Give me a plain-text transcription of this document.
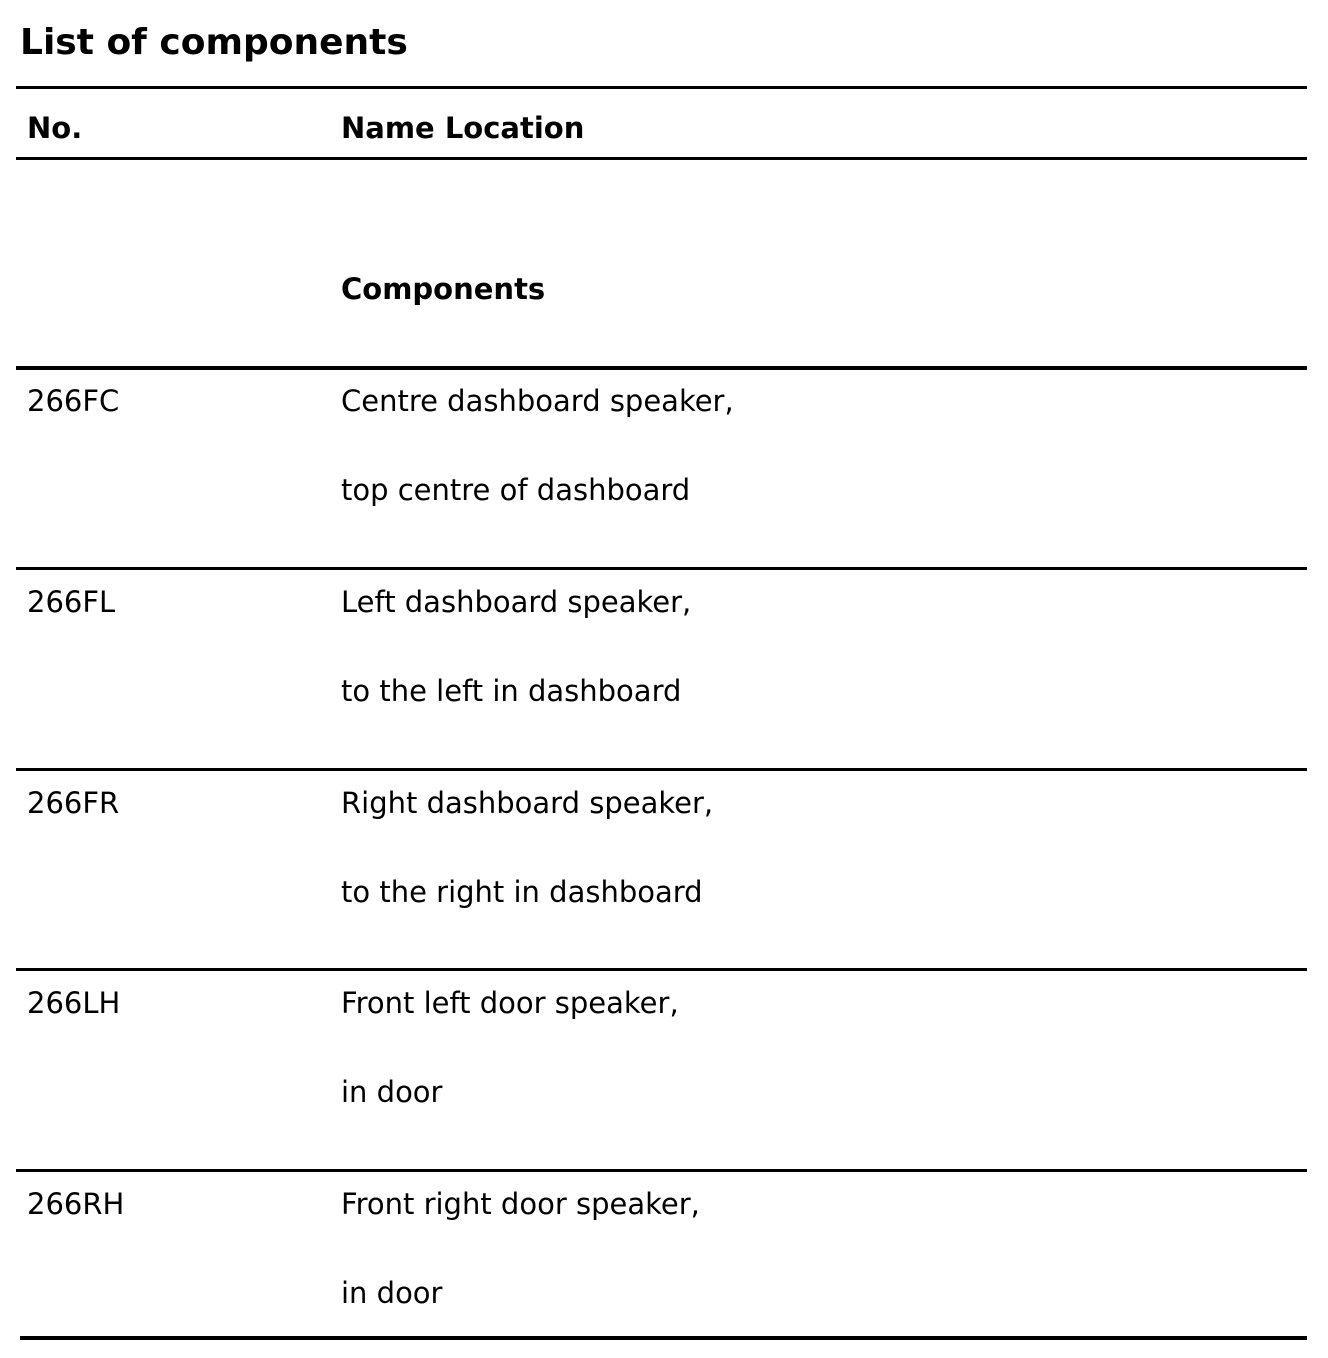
List of components
No.	Name Location
Components
266FC	Centre dashboard speaker,
top centre of dashboard
266FL	Left dashboard speaker,
to the left in dashboard
266FR	Right dashboard speaker,
to the right in dashboard
266LH	Front left door speaker,
in door
266RH	Front right door speaker,
in door
